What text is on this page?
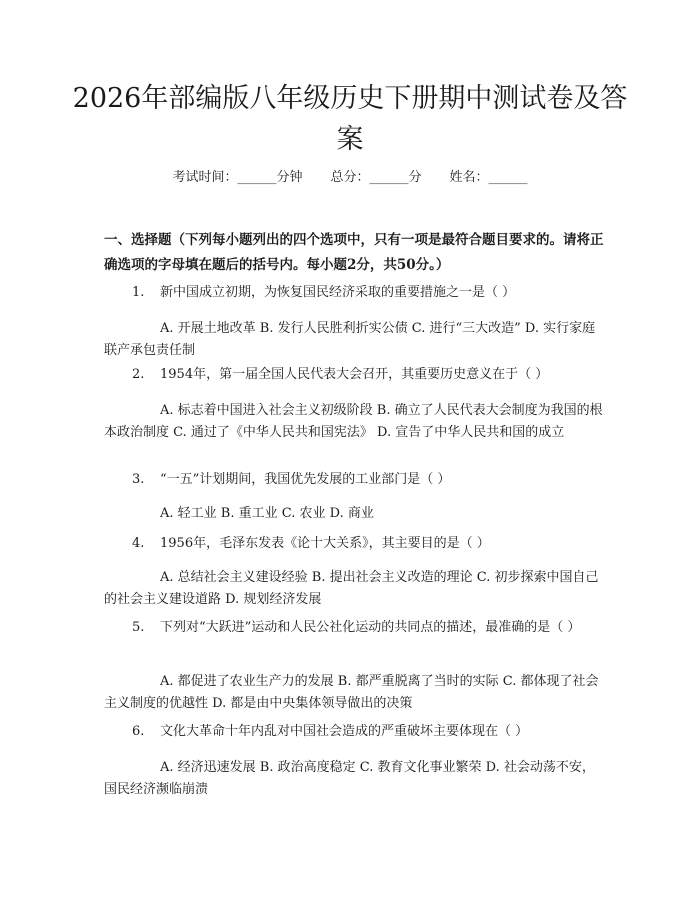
2026年部编版八年级历史下册期中测试卷及答案
考试时间：______分钟 总分：______分 姓名：______
一、选择题（下列每小题列出的四个选项中，只有一项是最符合题目要求的。请将正确选项的字母填在题后的括号内。每小题2分，共50分。）
1. 新中国成立初期，为恢复国民经济采取的重要措施之一是（ ）
A. 开展土地改革 B. 发行人民胜利折实公债 C. 进行“三大改造” D. 实行家庭联产承包责任制
2. 1954年，第一届全国人民代表大会召开，其重要历史意义在于（ ）
A. 标志着中国进入社会主义初级阶段 B. 确立了人民代表大会制度为我国的根本政治制度 C. 通过了《中华人民共和国宪法》 D. 宣告了中华人民共和国的成立
3. “一五”计划期间，我国优先发展的工业部门是（ ）
A. 轻工业 B. 重工业 C. 农业 D. 商业
4. 1956年，毛泽东发表《论十大关系》，其主要目的是（ ）
A. 总结社会主义建设经验 B. 提出社会主义改造的理论 C. 初步探索中国自己的社会主义建设道路 D. 规划经济发展
5. 下列对“大跃进”运动和人民公社化运动的共同点的描述，最准确的是（ ）
A. 都促进了农业生产力的发展 B. 都严重脱离了当时的实际 C. 都体现了社会主义制度的优越性 D. 都是由中央集体领导做出的决策
6. 文化大革命十年内乱对中国社会造成的严重破坏主要体现在（ ）
A. 经济迅速发展 B. 政治高度稳定 C. 教育文化事业繁荣 D. 社会动荡不安，国民经济濒临崩溃
